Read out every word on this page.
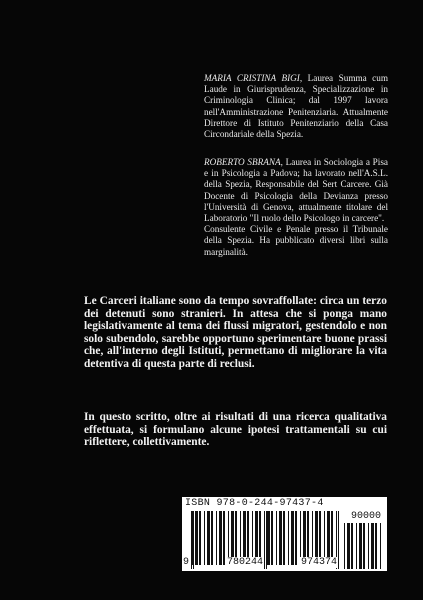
MARIA CRISTINA BIGI, Laurea Summa cum Laude in Giurisprudenza, Specializzazione in Criminologia Clinica; dal 1997 lavora nell'Amministrazione Penitenziaria. Attualmente Direttore di Istituto Penitenziario della Casa Circondariale della Spezia.

ROBERTO SBRANA, Laurea in Sociologia a Pisa e in Psicologia a Padova; ha lavorato nell'A.S.L. della Spezia, Responsabile del Sert Carcere. Già Docente di Psicologia della Devianza presso l'Università di Genova, attualmente titolare del Laboratorio "Il ruolo dello Psicologo in carcere".

Consulente Civile e Penale presso il Tribunale della Spezia. Ha pubblicato diversi libri sulla marginalità.

Le Carceri italiane sono da tempo sovraffollate: circa un terzo dei detenuti sono stranieri. In attesa che si ponga mano legislativamente al tema dei flussi migratori, gestendolo e non solo subendolo, sarebbe opportuno sperimentare buone prassi che, all'interno degli Istituti, permettano di migliorare la vita detentiva di questa parte di reclusi.
In questo scritto, oltre ai risultati di una ricerca qualitativa effettuata, si formulano alcune ipotesi trattamentali su cui riflettere, collettivamente.
ISBN 978-0-244-97437-4
90000
9	780244	974374
